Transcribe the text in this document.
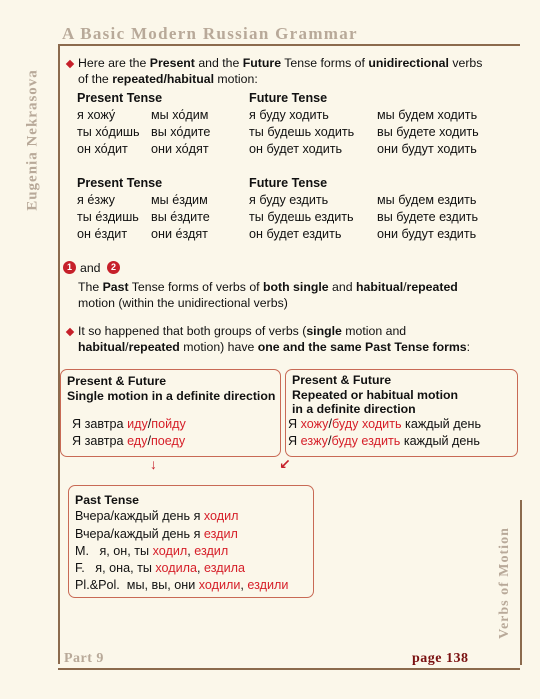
A Basic Modern Russian Grammar
Eugenia Nekrasova
Verbs of Motion
Part 9	page 138
Here are the Present and the Future Tense forms of unidirectional verbs
of the repeated/habitual motion:
Present Tense
я хожу́	мы хо́дим
ты хо́дишь вы хо́дите
он хо́дит	они хо́дят
Future Tense
я буду ходить	мы будем ходить
ты будешь ходить	вы будете ходить
он будет ходить	они будут ходить
Present Tense
я е́зжу	мы е́здим
ты е́здишь вы е́здите
он е́здит	они е́здят
Future Tense
я буду ездить	мы будем ездить
ты будешь ездить	вы будете ездить
он будет ездить	они будут ездить
1 and	2
The Past Tense forms of verbs of both single and habitual/repeated
motion (within the unidirectional verbs)
It so happened that both groups of verbs (single motion and
habitual/repeated motion) have one and the same Past Tense forms:
Present & Future
Single motion in a definite direction
Я завтра иду/пойду
Я завтра еду/поеду
Present & Future
Repeated or habitual motion
in a definite direction
Я хожу/буду ходить каждый день
Я езжу/буду ездить каждый день
↓	↙
Past Tense
Вчера/каждый день я ходил
Вчера/каждый день я ездил
M.   я, он, ты ходил, ездил
F.   я, она, ты ходила, ездила
Pl.&Pol.  мы, вы, они ходили, ездили
